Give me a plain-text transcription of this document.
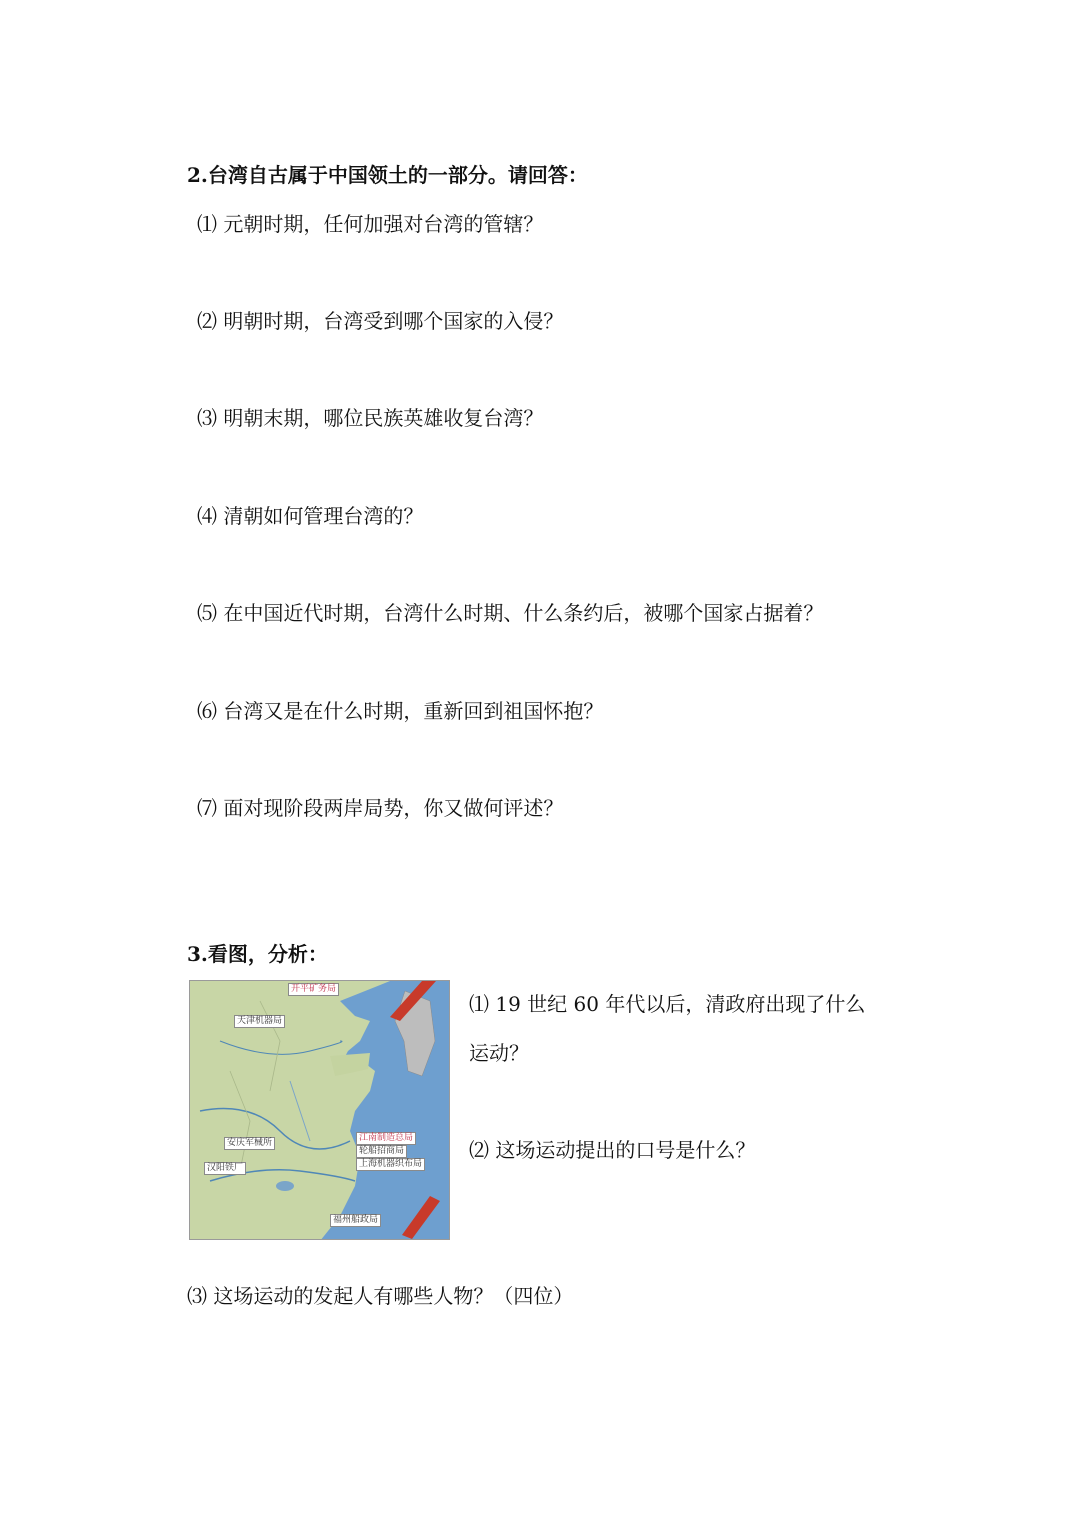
2.台湾自古属于中国领土的一部分。请回答：
⑴ 元朝时期，任何加强对台湾的管辖？
⑵ 明朝时期，台湾受到哪个国家的入侵？
⑶ 明朝末期，哪位民族英雄收复台湾？
⑷ 清朝如何管理台湾的？
⑸ 在中国近代时期，台湾什么时期、什么条约后，被哪个国家占据着？
⑹ 台湾又是在什么时期，重新回到祖国怀抱？
⑺ 面对现阶段两岸局势，你又做何评述？
3.看图，分析：
开平矿务局
天津机器局
江南制造总局
轮船招商局
上海机器织布局
安庆军械所
汉阳铁厂
福州船政局
⑴ 19 世纪 60 年代以后，清政府出现了什么
运动？
⑵ 这场运动提出的口号是什么？
⑶ 这场运动的发起人有哪些人物？（四位）
